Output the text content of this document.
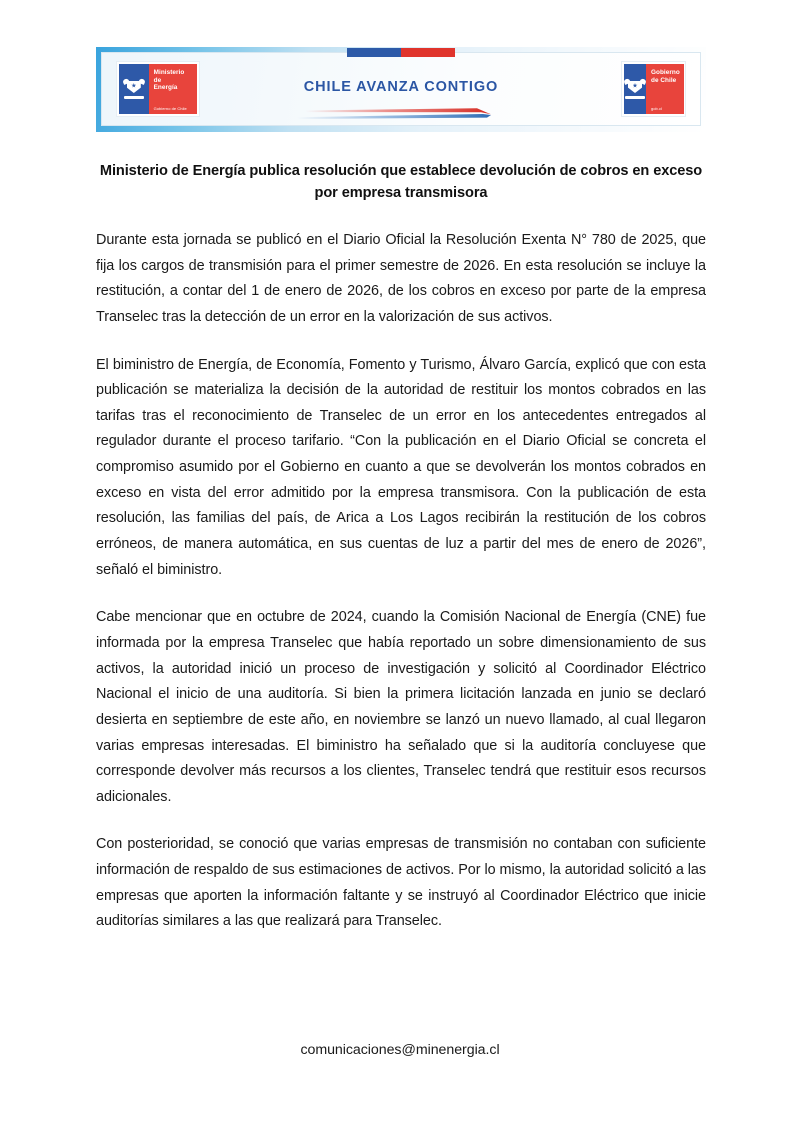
CHILE
Ministerio de
Energía
Gobierno de Chile
CHILE AVANZA CONTIGO
CHILE
Gobierno
de Chile
gob.cl
Ministerio de Energía publica resolución que establece devolución de cobros en exceso por empresa transmisora

Durante esta jornada se publicó en el Diario Oficial la Resolución Exenta N° 780 de 2025, que fija los cargos de transmisión para el primer semestre de 2026. En esta resolución se incluye la restitución, a contar del 1 de enero de 2026, de los cobros en exceso por parte de la empresa Transelec tras la detección de un error en la valorización de sus activos.

El biministro de Energía, de Economía, Fomento y Turismo, Álvaro García, explicó que con esta publicación se materializa la decisión de la autoridad de restituir los montos cobrados en las tarifas tras el reconocimiento de Transelec de un error en los antecedentes entregados al regulador durante el proceso tarifario. “Con la publicación en el Diario Oficial se concreta el compromiso asumido por el Gobierno en cuanto a que se devolverán los montos cobrados en exceso en vista del error admitido por la empresa transmisora. Con la publicación de esta resolución, las familias del país, de Arica a Los Lagos recibirán la restitución de los cobros erróneos, de manera automática, en sus cuentas de luz a partir del mes de enero de 2026”, señaló el biministro.

Cabe mencionar que en octubre de 2024, cuando la Comisión Nacional de Energía (CNE) fue informada por la empresa Transelec que había reportado un sobre dimensionamiento de sus activos, la autoridad inició un proceso de investigación y solicitó al Coordinador Eléctrico Nacional el inicio de una auditoría. Si bien la primera licitación lanzada en junio se declaró desierta en septiembre de este año, en noviembre se lanzó un nuevo llamado, al cual llegaron varias empresas interesadas. El biministro ha señalado que si la auditoría concluyese que corresponde devolver más recursos a los clientes, Transelec tendrá que restituir esos recursos adicionales.

Con posterioridad, se conoció que varias empresas de transmisión no contaban con suficiente información de respaldo de sus estimaciones de activos. Por lo mismo, la autoridad solicitó a las empresas que aporten la información faltante y se instruyó al Coordinador Eléctrico que inicie auditorías similares a las que realizará para Transelec.

comunicaciones@minenergia.cl
